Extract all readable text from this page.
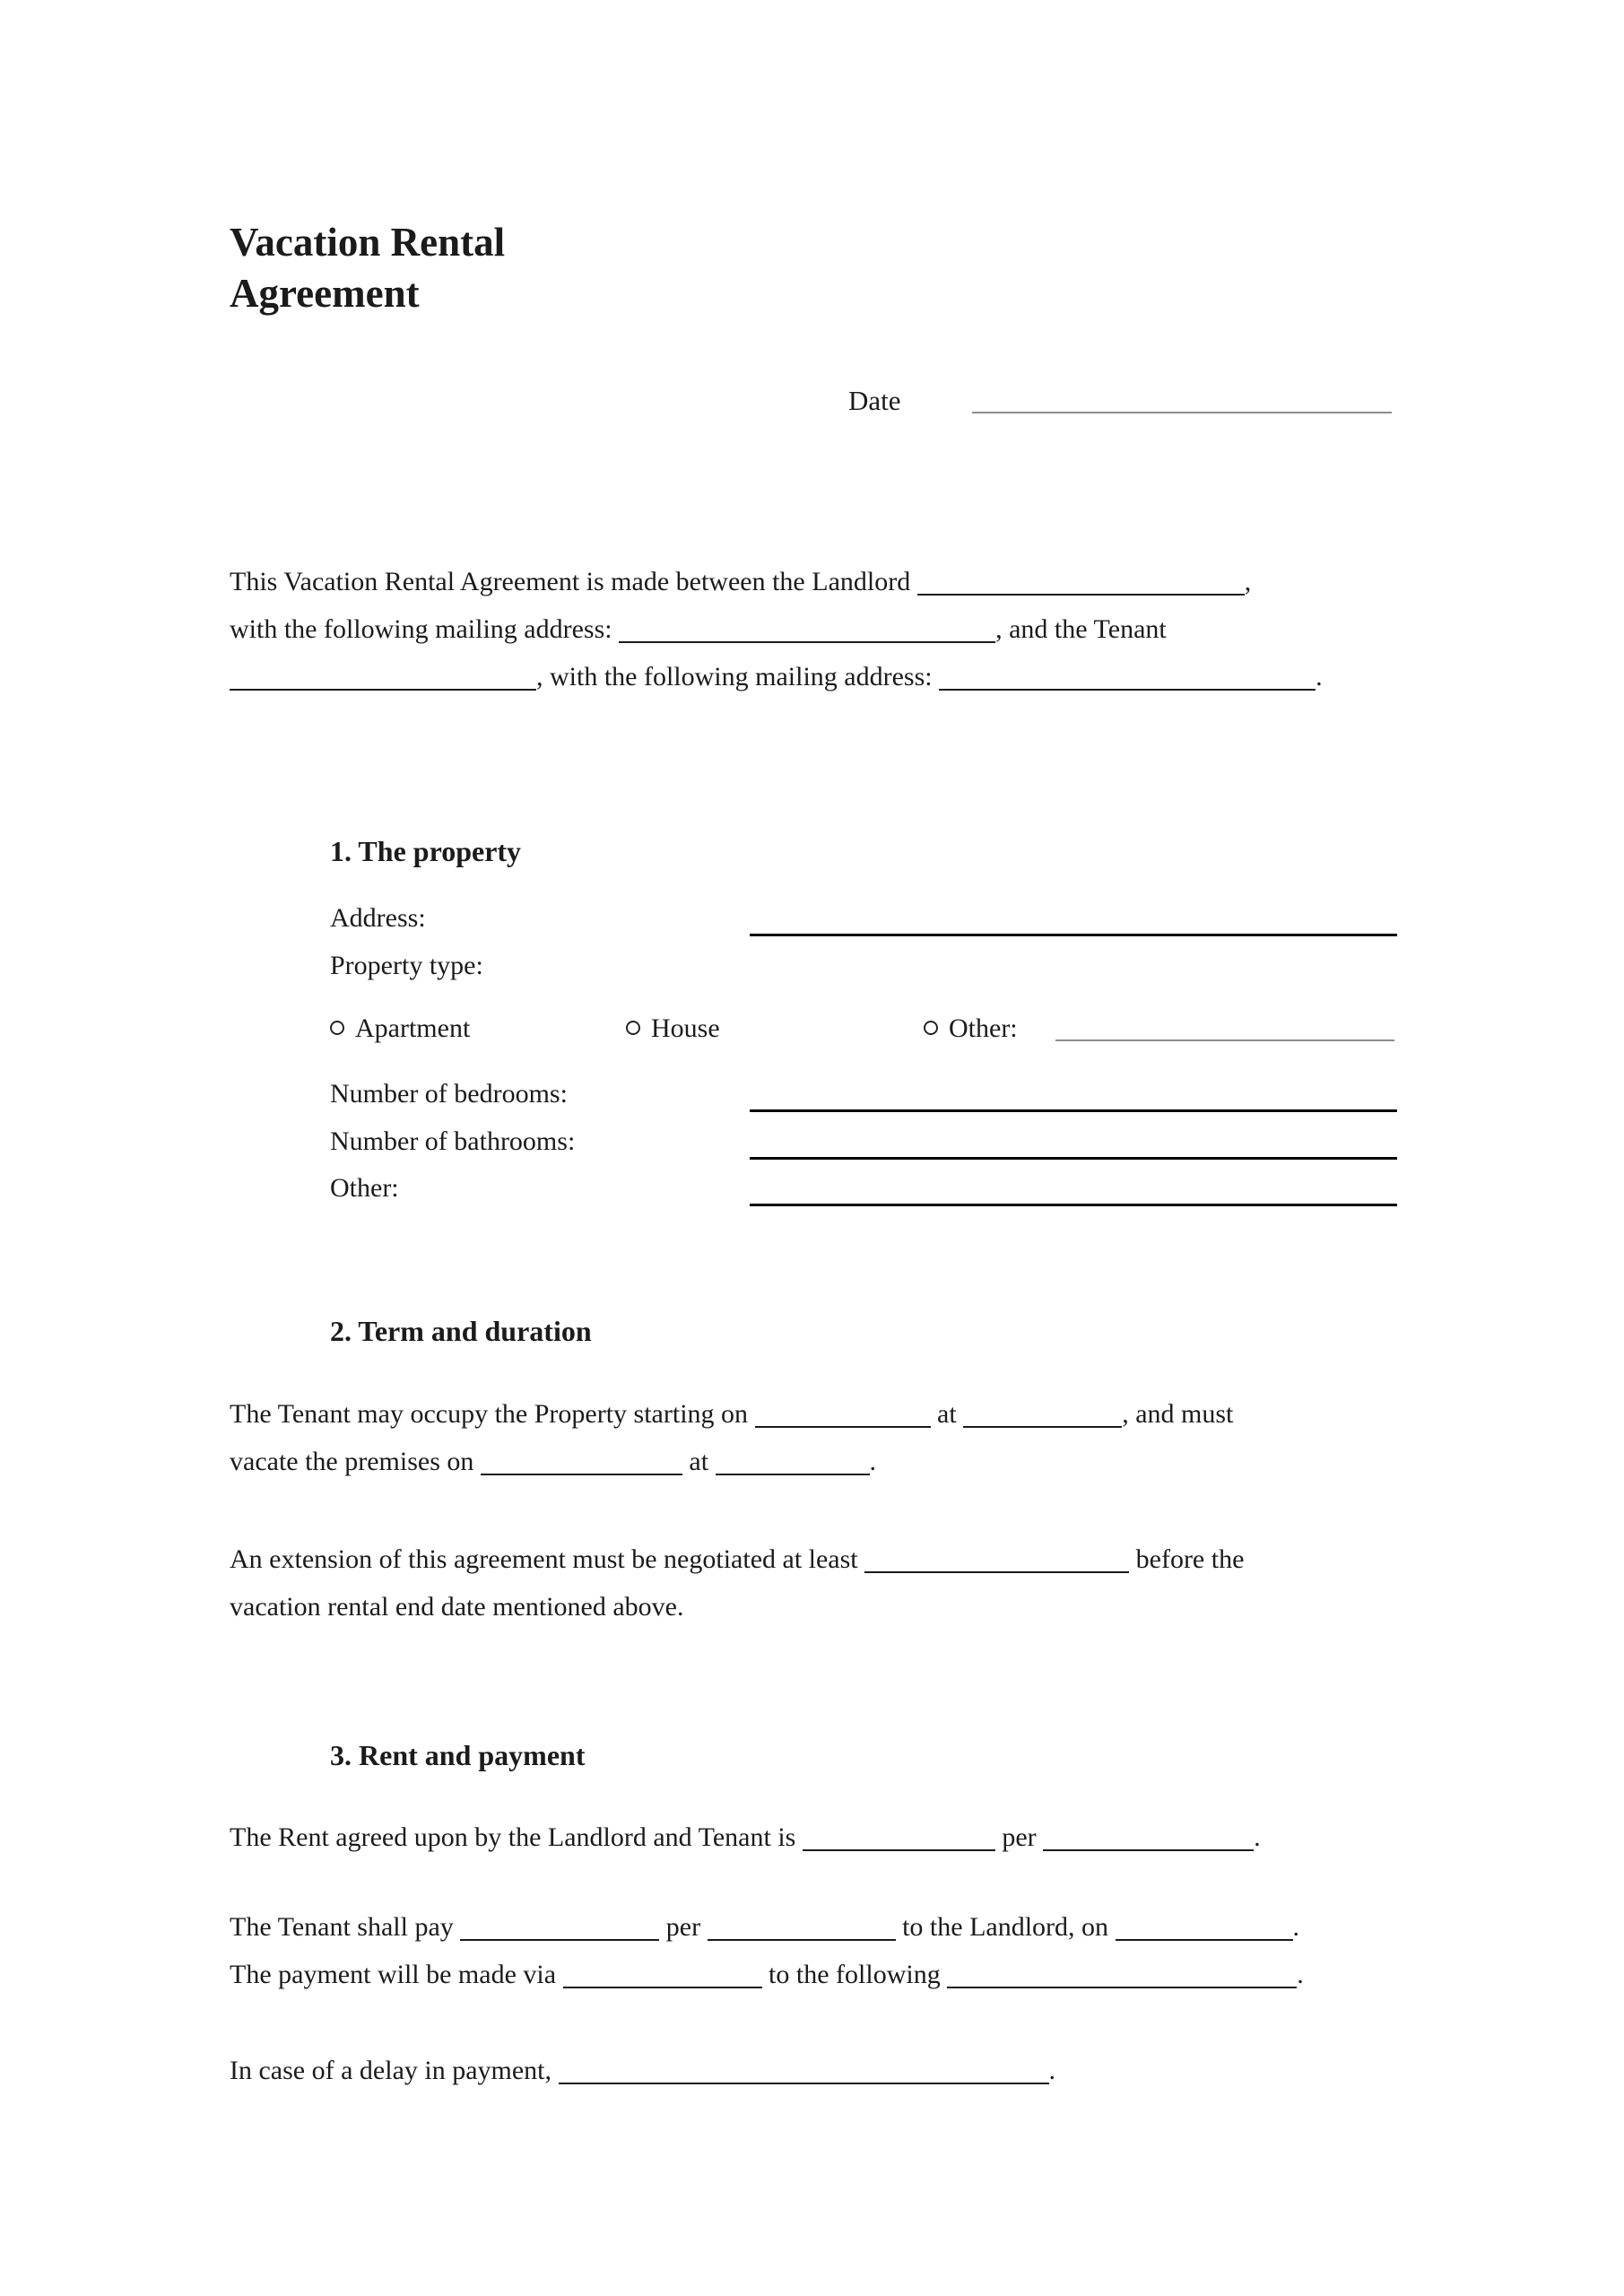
Vacation Rental
Agreement
Date
This Vacation Rental Agreement is made between the Landlord	,
with the following mailing address:	, and the Tenant
, with the following mailing address:	.
1. The property
Address:
Property type:
Apartment	House	Other:
Number of bedrooms:
Number of bathrooms:
Other:
2. Term and duration
The Tenant may occupy the Property starting on	at	, and must
vacate the premises on	at	.
An extension of this agreement must be negotiated at least	before the
vacation rental end date mentioned above.
3. Rent and payment
The Rent agreed upon by the Landlord and Tenant is	per	.
The Tenant shall pay	per	to the Landlord, on	.
The payment will be made via	to the following	.
In case of a delay in payment,	.
